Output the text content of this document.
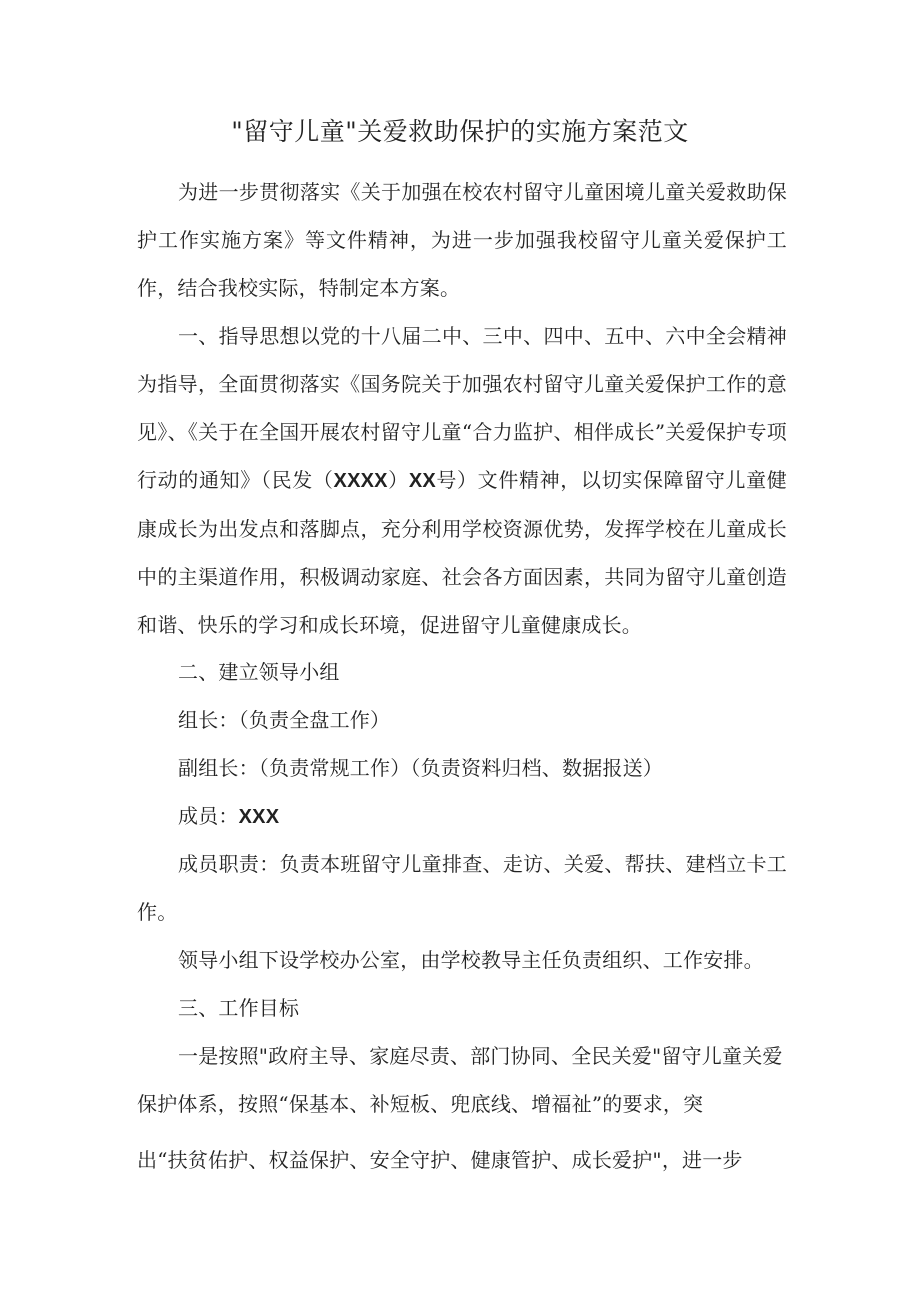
"留守儿童"关爱救助保护的实施方案范文
为进一步贯彻落实《关于加强在校农村留守儿童困境儿童关爱救助保护工作实施方案》等文件精神，为进一步加强我校留守儿童关爱保护工作，结合我校实际，特制定本方案。
一、指导思想以党的十八届二中、三中、四中、五中、六中全会精神为指导，全面贯彻落实《国务院关于加强农村留守儿童关爱保护工作的意见》、《关于在全国开展农村留守儿童“合力监护、相伴成长”关爱保护专项行动的通知》（民发（XXXX）XX号）文件精神，以切实保障留守儿童健康成长为出发点和落脚点，充分利用学校资源优势，发挥学校在儿童成长中的主渠道作用，积极调动家庭、社会各方面因素，共同为留守儿童创造和谐、快乐的学习和成长环境，促进留守儿童健康成长。
二、建立领导小组
组长：（负责全盘工作）
副组长：（负责常规工作）（负责资料归档、数据报送）
成员：XXX
成员职责：负责本班留守儿童排查、走访、关爱、帮扶、建档立卡工作。
领导小组下设学校办公室，由学校教导主任负责组织、工作安排。
三、工作目标
一是按照"政府主导、家庭尽责、部门协同、全民关爱"留守儿童关爱
保护体系，按照“保基本、补短板、兜底线、增福祉”的要求，突
出“扶贫佑护、权益保护、安全守护、健康管护、成长爱护"，进一步
